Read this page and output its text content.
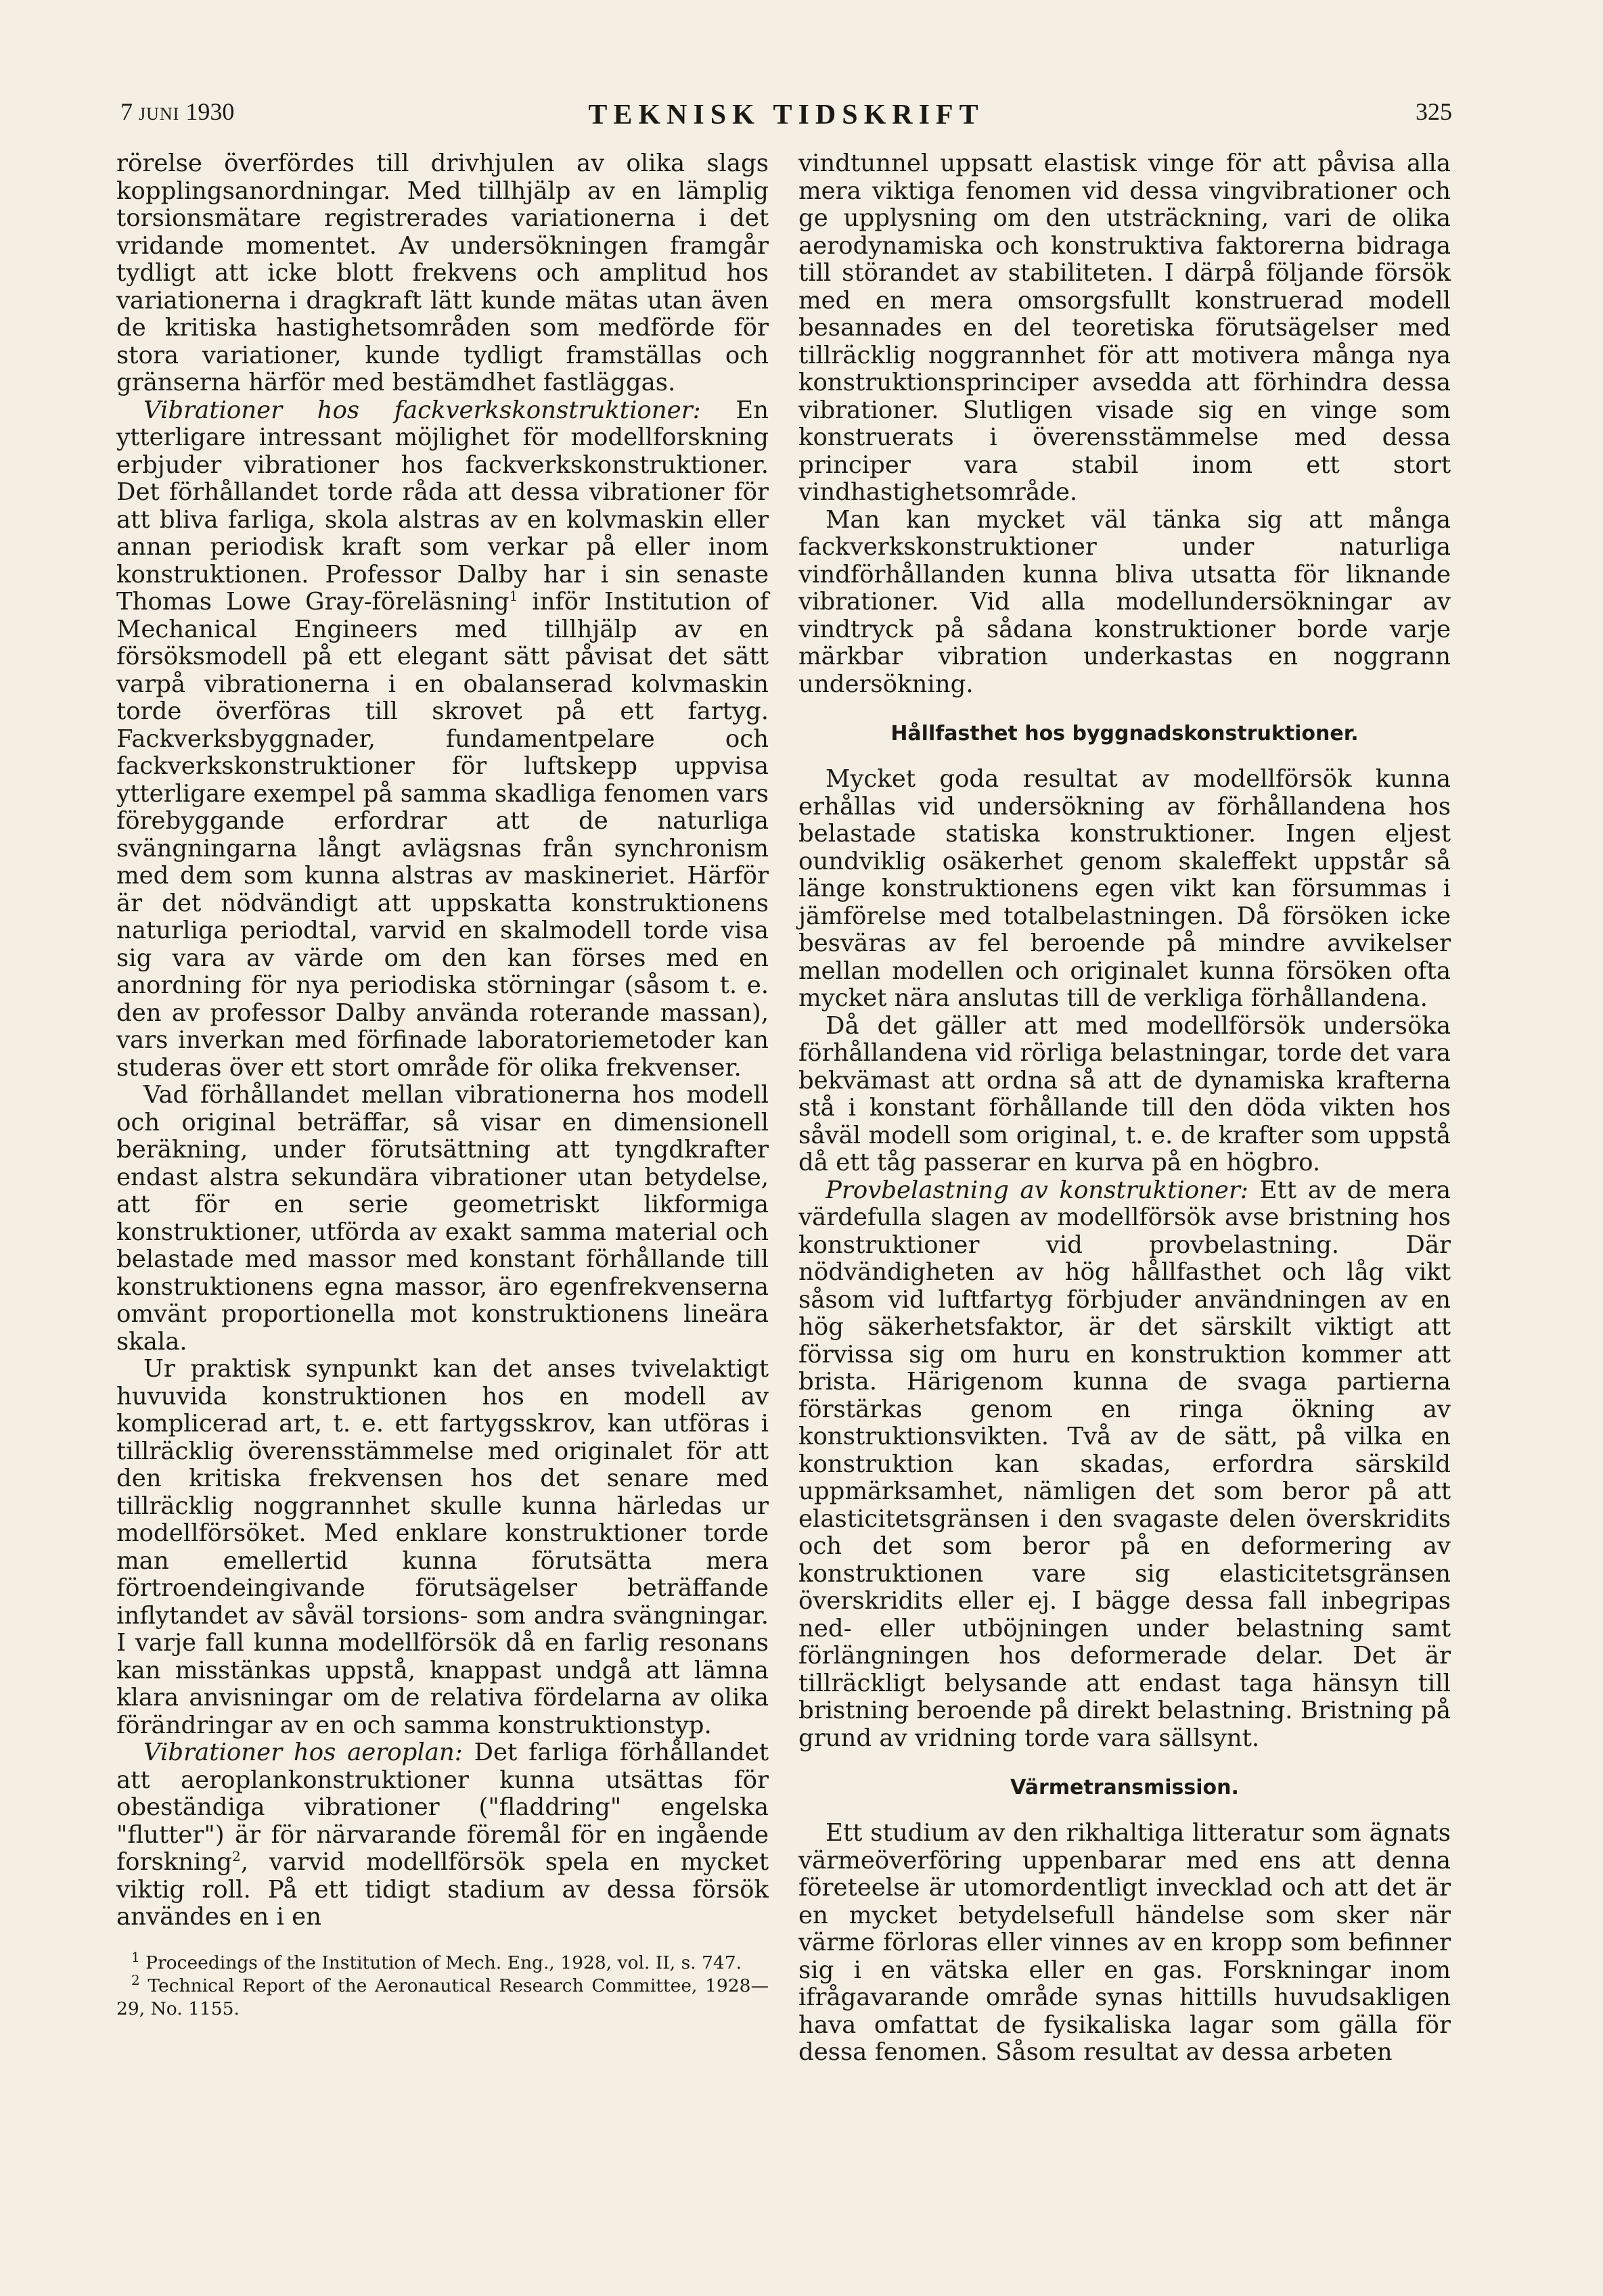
7 JUNI 1930	TEKNISK TIDSKRIFT	325

rörelse överfördes till drivhjulen av olika slags kopplingsanordningar. Med tillhjälp av en lämplig torsionsmätare registrerades variationerna i det vridande momentet. Av undersökningen framgår tydligt att icke blott frekvens och amplitud hos variationerna i dragkraft lätt kunde mätas utan även de kritiska hastighetsområden som medförde för stora variationer, kunde tydligt framställas och gränserna härför med bestämdhet fastläggas.

Vibrationer hos fackverkskonstruktioner: En ytterligare intressant möjlighet för modellforskning erbjuder vibrationer hos fackverkskonstruktioner. Det förhållandet torde råda att dessa vibrationer för att bliva farliga, skola alstras av en kolvmaskin eller annan periodisk kraft som verkar på eller inom konstruktionen. Professor Dalby har i sin senaste Thomas Lowe Gray-föreläsning$^1$ inför Institution of Mechanical Engineers med tillhjälp av en försöksmodell på ett elegant sätt påvisat det sätt varpå vibrationerna i en obalanserad kolvmaskin torde överföras till skrovet på ett fartyg. Fackverksbyggnader, fundamentpelare och fackverkskonstruktioner för luftskepp uppvisa ytterligare exempel på samma skadliga fenomen vars förebyggande erfordrar att de naturliga svängningarna långt avlägsnas från synchronism med dem som kunna alstras av maskineriet. Härför är det nödvändigt att uppskatta konstruktionens naturliga periodtal, varvid en skalmodell torde visa sig vara av värde om den kan förses med en anordning för nya periodiska störningar (såsom t. e. den av professor Dalby använda roterande massan), vars inverkan med förfinade laboratoriemetoder kan studeras över ett stort område för olika frekvenser.

Vad förhållandet mellan vibrationerna hos modell och original beträffar, så visar en dimensionell beräkning, under förutsättning att tyngdkrafter endast alstra sekundära vibrationer utan betydelse, att för en serie geometriskt likformiga konstruktioner, utförda av exakt samma material och belastade med massor med konstant förhållande till konstruktionens egna massor, äro egenfrekvenserna omvänt proportionella mot konstruktionens lineära skala.

Ur praktisk synpunkt kan det anses tvivelaktigt huvuvida konstruktionen hos en modell av komplicerad art, t. e. ett fartygsskrov, kan utföras i tillräcklig överensstämmelse med originalet för att den kritiska frekvensen hos det senare med tillräcklig noggrannhet skulle kunna härledas ur modellförsöket. Med enklare konstruktioner torde man emellertid kunna förutsätta mera förtroendeingivande förutsägelser beträffande inflytandet av såväl torsions- som andra svängningar. I varje fall kunna modellförsök då en farlig resonans kan misstänkas uppstå, knappast undgå att lämna klara anvisningar om de relativa fördelarna av olika förändringar av en och samma konstruktionstyp.

Vibrationer hos aeroplan: Det farliga förhållandet att aeroplankonstruktioner kunna utsättas för obeständiga vibrationer ("fladdring" engelska "flutter") är för närvarande föremål för en ingående forskning$^2$, varvid modellförsök spela en mycket viktig roll. På ett tidigt stadium av dessa försök användes en i en

$^1$ Proceedings of the Institution of Mech. Eng., 1928, vol. II, s. 747.

$^2$ Technical Report of the Aeronautical Research Committee, 1928—29, No. 1155.

vindtunnel uppsatt elastisk vinge för att påvisa alla mera viktiga fenomen vid dessa vingvibrationer och ge upplysning om den utsträckning, vari de olika aerodynamiska och konstruktiva faktorerna bidraga till störandet av stabiliteten. I därpå följande försök med en mera omsorgsfullt konstruerad modell besannades en del teoretiska förutsägelser med tillräcklig noggrannhet för att motivera många nya konstruktionsprinciper avsedda att förhindra dessa vibrationer. Slutligen visade sig en vinge som konstruerats i överensstämmelse med dessa principer vara stabil inom ett stort vindhastighetsområde.

Man kan mycket väl tänka sig att många fackverkskonstruktioner under naturliga vindförhållanden kunna bliva utsatta för liknande vibrationer. Vid alla modellundersökningar av vindtryck på sådana konstruktioner borde varje märkbar vibration underkastas en noggrann undersökning.

Hållfasthet hos byggnadskonstruktioner.

Mycket goda resultat av modellförsök kunna erhållas vid undersökning av förhållandena hos belastade statiska konstruktioner. Ingen eljest oundviklig osäkerhet genom skaleffekt uppstår så länge konstruktionens egen vikt kan försummas i jämförelse med totalbelastningen. Då försöken icke besväras av fel beroende på mindre avvikelser mellan modellen och originalet kunna försöken ofta mycket nära anslutas till de verkliga förhållandena.

Då det gäller att med modellförsök undersöka förhållandena vid rörliga belastningar, torde det vara bekvämast att ordna så att de dynamiska krafterna stå i konstant förhållande till den döda vikten hos såväl modell som original, t. e. de krafter som uppstå då ett tåg passerar en kurva på en högbro.

Provbelastning av konstruktioner: Ett av de mera värdefulla slagen av modellförsök avse bristning hos konstruktioner vid provbelastning. Där nödvändigheten av hög hållfasthet och låg vikt såsom vid luftfartyg förbjuder användningen av en hög säkerhetsfaktor, är det särskilt viktigt att förvissa sig om huru en konstruktion kommer att brista. Härigenom kunna de svaga partierna förstärkas genom en ringa ökning av konstruktionsvikten. Två av de sätt, på vilka en konstruktion kan skadas, erfordra särskild uppmärksamhet, nämligen det som beror på att elasticitetsgränsen i den svagaste delen överskridits och det som beror på en deformering av konstruktionen vare sig elasticitetsgränsen överskridits eller ej. I bägge dessa fall inbegripas ned- eller utböjningen under belastning samt förlängningen hos deformerade delar. Det är tillräckligt belysande att endast taga hänsyn till bristning beroende på direkt belastning. Bristning på grund av vridning torde vara sällsynt.

Värmetransmission.

Ett studium av den rikhaltiga litteratur som ägnats värmeöverföring uppenbarar med ens att denna företeelse är utomordentligt invecklad och att det är en mycket betydelsefull händelse som sker när värme förloras eller vinnes av en kropp som befinner sig i en vätska eller en gas. Forskningar inom ifrågavarande område synas hittills huvudsakligen hava omfattat de fysikaliska lagar som gälla för dessa fenomen. Såsom resultat av dessa arbeten
